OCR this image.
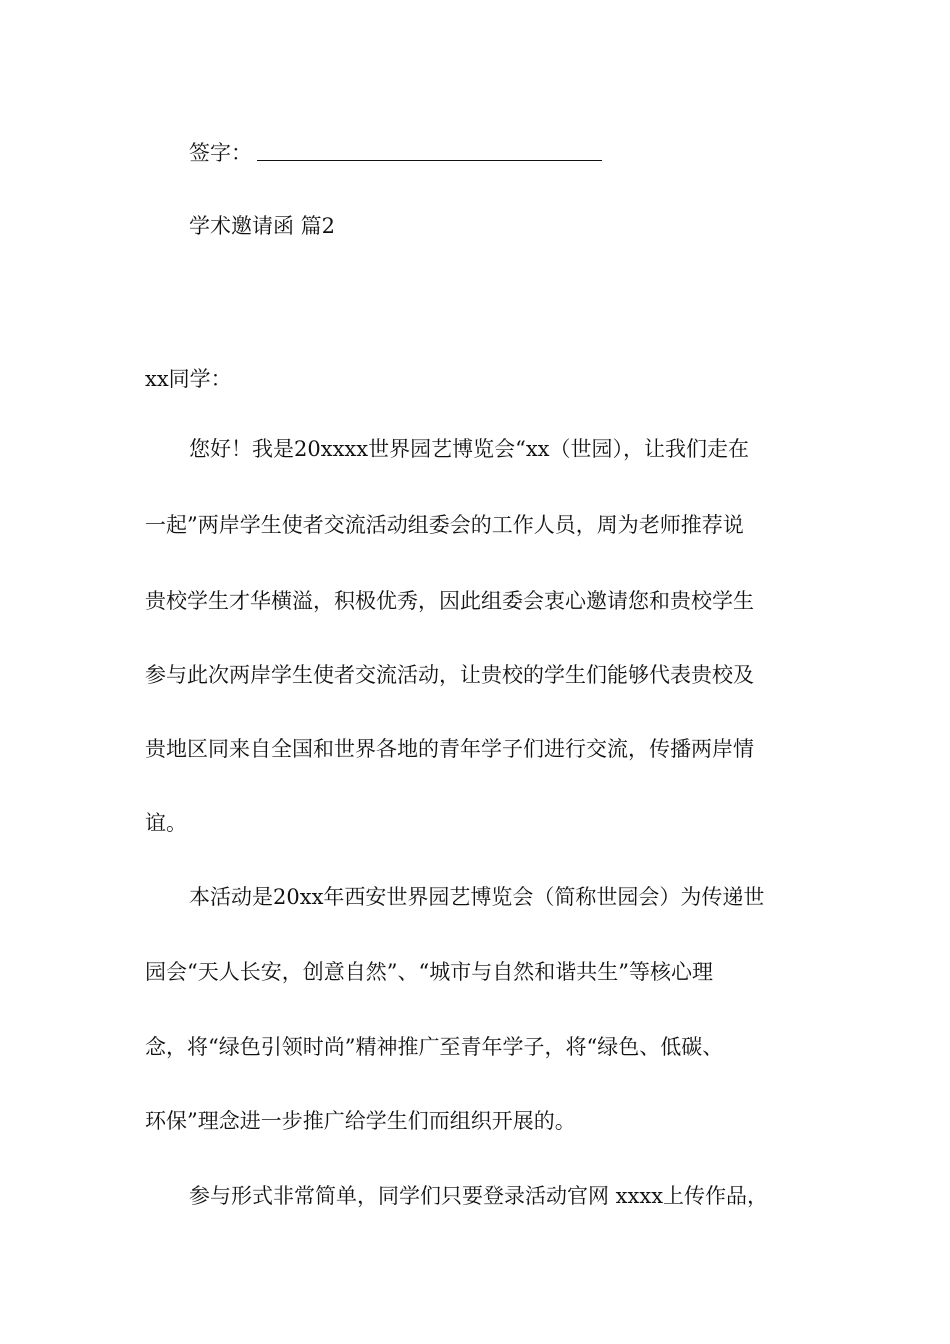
签字：
学术邀请函 篇2
xx同学：
您好！我是20xxxx世界园艺博览会“xx（世园），让我们走在
一起”两岸学生使者交流活动组委会的工作人员，周为老师推荐说
贵校学生才华横溢，积极优秀，因此组委会衷心邀请您和贵校学生
参与此次两岸学生使者交流活动，让贵校的学生们能够代表贵校及
贵地区同来自全国和世界各地的青年学子们进行交流，传播两岸情
谊。
本活动是20xx年西安世界园艺博览会（简称世园会）为传递世
园会“天人长安，创意自然”、“城市与自然和谐共生”等核心理
念，将“绿色引领时尚”精神推广至青年学子，将“绿色、低碳、
环保”理念进一步推广给学生们而组织开展的。
参与形式非常简单，同学们只要登录活动官网 xxxx上传作品，
